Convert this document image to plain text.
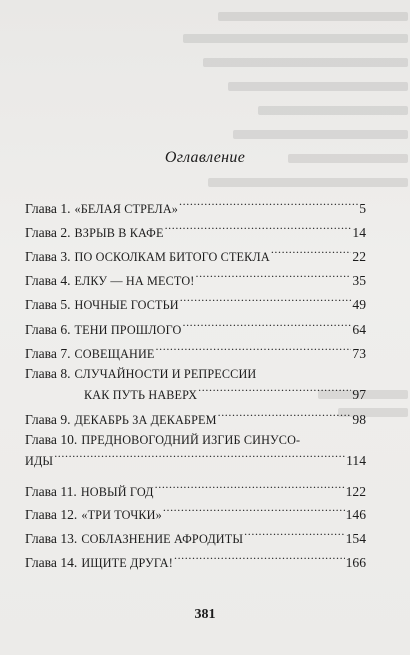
Оглавление
Глава 1. «БЕЛАЯ СТРЕЛА» .....	5
Глава 2. ВЗРЫВ В КАФЕ .....	14
Глава 3. ПО ОСКОЛКАМ БИТОГО СТЕКЛА .....	22
Глава 4. ЕЛКУ — НА МЕСТО! .....	35
Глава 5. НОЧНЫЕ ГОСТЬИ .....	49
Глава 6. ТЕНИ ПРОШЛОГО .....	64
Глава 7. СОВЕЩАНИЕ .....	73
Глава 8. СЛУЧАЙНОСТИ И РЕПРЕССИИ
КАК ПУТЬ НАВЕРХ .....	97
Глава 9. ДЕКАБРЬ ЗА ДЕКАБРЕМ .....	98
Глава 10. ПРЕДНОВОГОДНИЙ ИЗГИБ СИНУСО-
ИДЫ .....	114
Глава 11. НОВЫЙ ГОД .....	122
Глава 12. «ТРИ ТОЧКИ» .....	146
Глава 13. СОБЛАЗНЕНИЕ АФРОДИТЫ .....	154
Глава 14. ИЩИТЕ ДРУГА! .....	166
381
